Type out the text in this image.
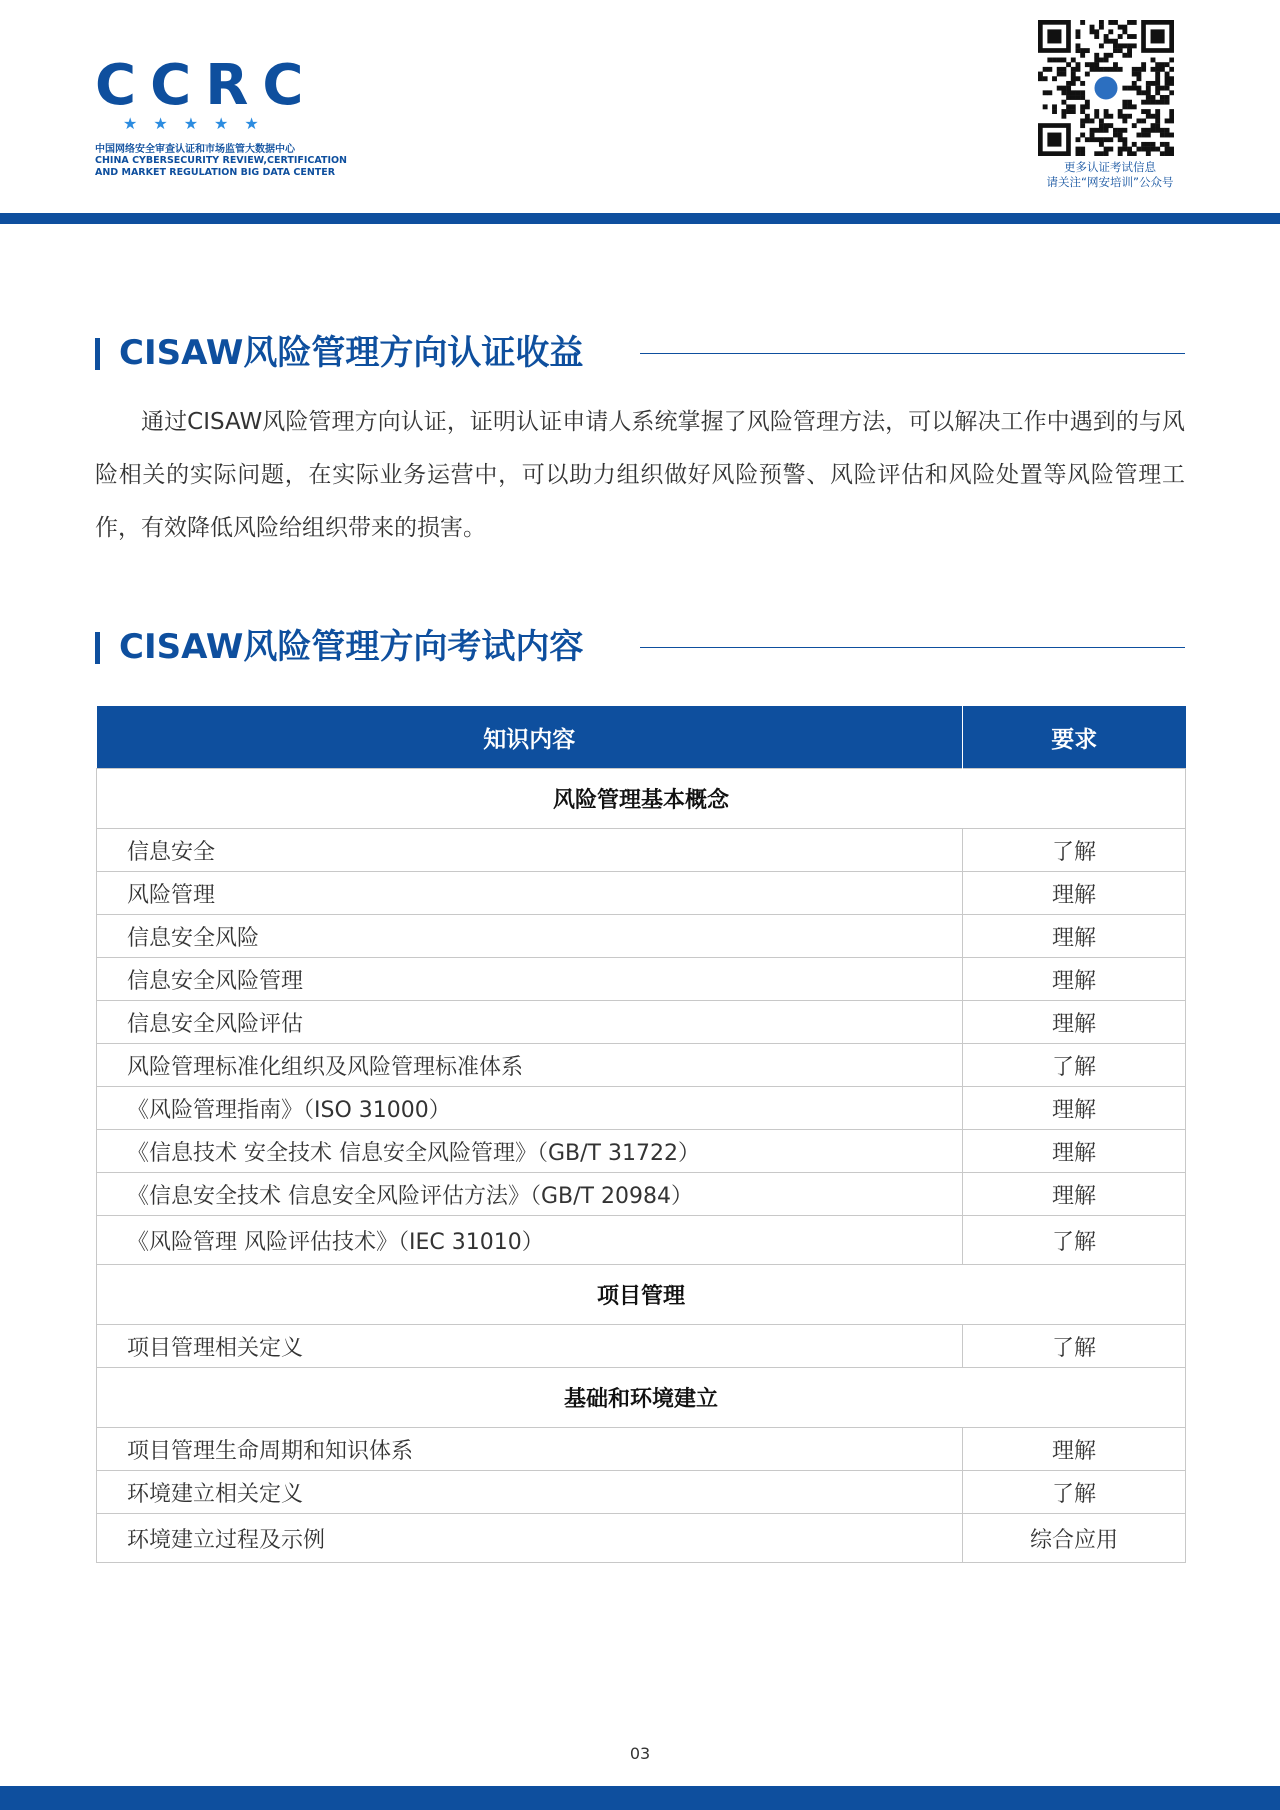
CCRC
★★★★★
中国网络安全审查认证和市场监管大数据中心
CHINA CYBERSECURITY REVIEW,CERTIFICATION
AND MARKET REGULATION BIG DATA CENTER	更多认证考试信息
请关注“网安培训”公众号
CISAW风险管理方向认证收益

通过CISAW风险管理方向认证，证明认证申请人系统掌握了风险管理方法，可以解决工作中遇到的与风险相关的实际问题，在实际业务运营中，可以助力组织做好风险预警、风险评估和风险处置等风险管理工作，有效降低风险给组织带来的损害。

CISAW风险管理方向考试内容
知识内容	要求
风险管理基本概念	
信息安全	了解
风险管理	理解
信息安全风险	理解
信息安全风险管理	理解
信息安全风险评估	理解
风险管理标准化组织及风险管理标准体系	了解
《风险管理指南》（ISO 31000）	理解
《信息技术 安全技术 信息安全风险管理》（GB/T 31722）	理解
《信息安全技术 信息安全风险评估方法》（GB/T 20984）	理解
《风险管理 风险评估技术》（IEC 31010）	了解
项目管理	
项目管理相关定义	了解
基础和环境建立	
项目管理生命周期和知识体系	理解
环境建立相关定义	了解
环境建立过程及示例	综合应用
03
